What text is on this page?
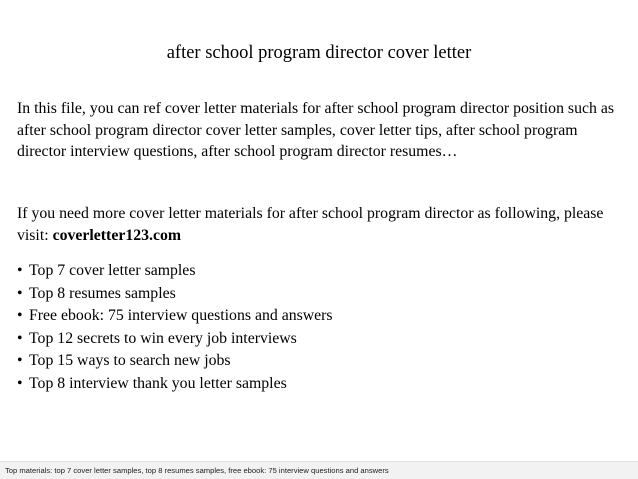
after school program director cover letter

In this file, you can ref cover letter materials for after school program director position such as after school program director cover letter samples, cover letter tips, after school program director interview questions, after school program director resumes…

If you need more cover letter materials for after school program director as following, please visit: coverletter123.com

• Top 7 cover letter samples
• Top 8 resumes samples
• Free ebook: 75 interview questions and answers
• Top 12 secrets to win every job interviews
• Top 15 ways to search new jobs
• Top 8 interview thank you letter samples
Top materials: top 7 cover letter samples, top 8 resumes samples, free ebook: 75 interview questions and answers
